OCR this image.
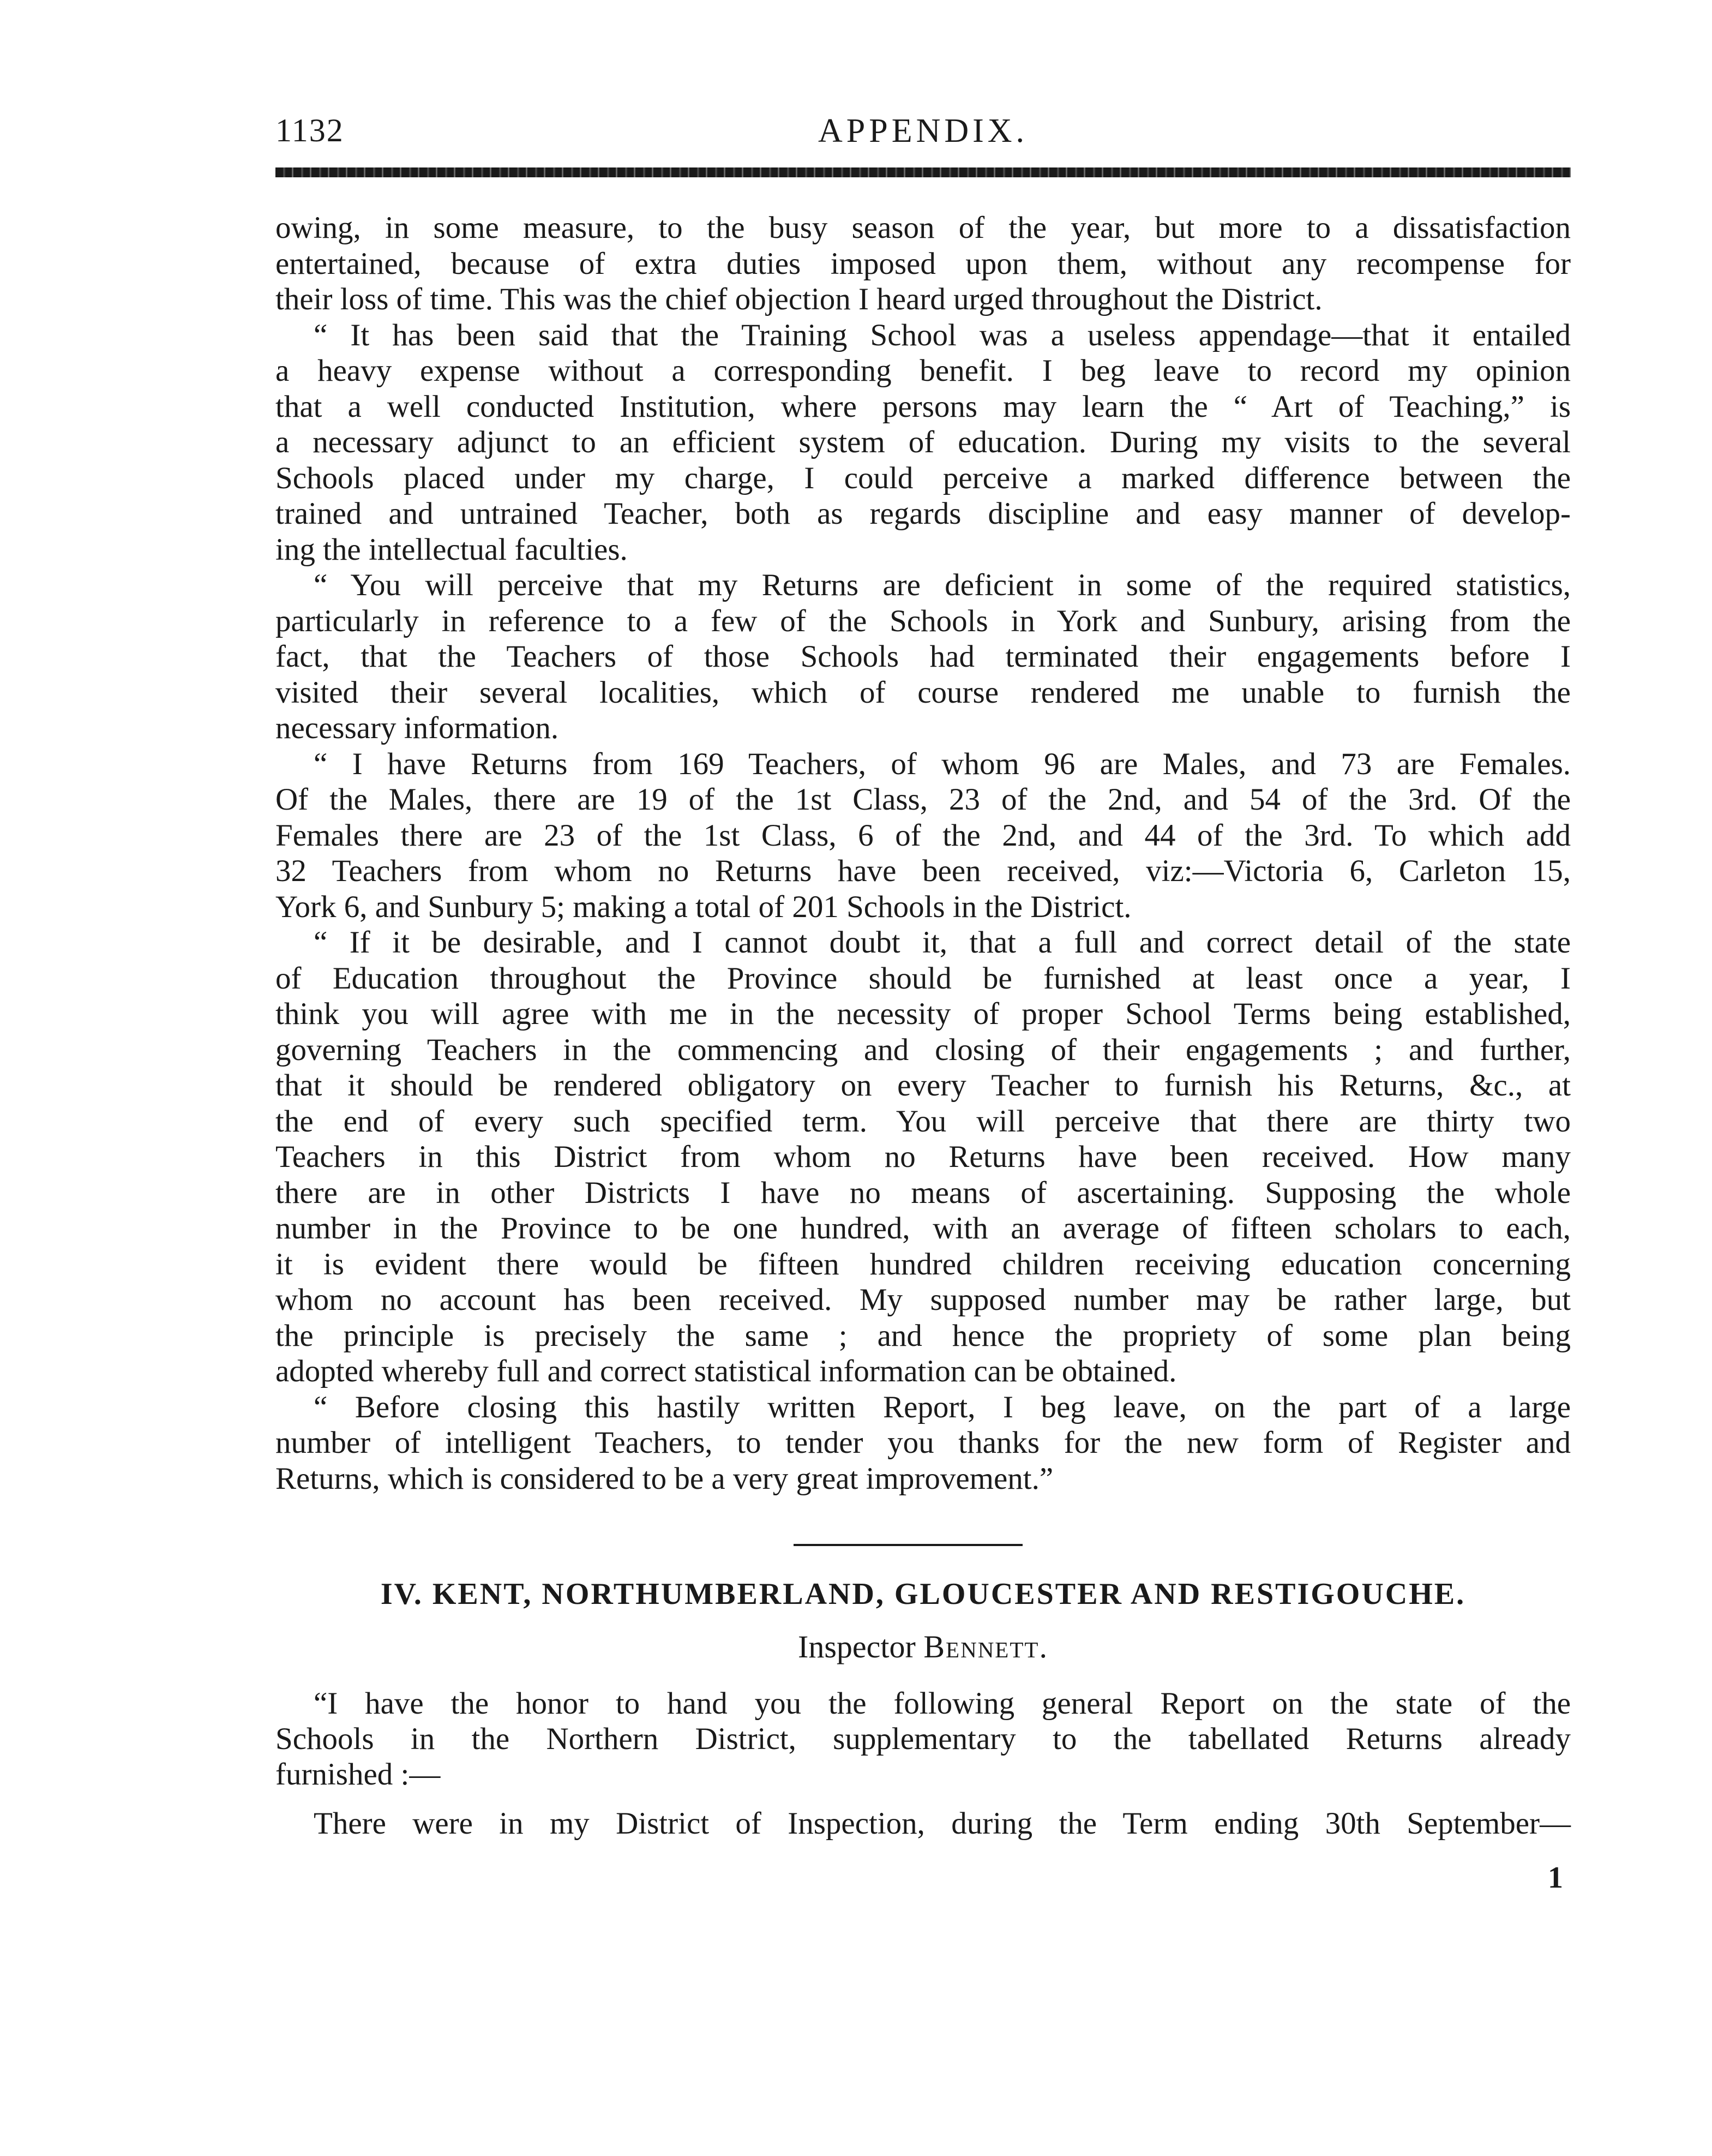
1132	APPENDIX.

owing, in some measure, to the busy season of the year, but more to a dissatisfaction
entertained, because of extra duties imposed upon them, without any recompense for
their loss of time. This was the chief objection I heard urged throughout the District.

“ It has been said that the Training School was a useless appendage—that it entailed
a heavy expense without a corresponding benefit. I beg leave to record my opinion
that a well conducted Institution, where persons may learn the “ Art of Teaching,” is
a necessary adjunct to an efficient system of education. During my visits to the several
Schools placed under my charge, I could perceive a marked difference between the
trained and untrained Teacher, both as regards discipline and easy manner of develop-
ing the intellectual faculties.

“ You will perceive that my Returns are deficient in some of the required statistics,
particularly in reference to a few of the Schools in York and Sunbury, arising from the
fact, that the Teachers of those Schools had terminated their engagements before I
visited their several localities, which of course rendered me unable to furnish the
necessary information.

“ I have Returns from 169 Teachers, of whom 96 are Males, and 73 are Females.
Of the Males, there are 19 of the 1st Class, 23 of the 2nd, and 54 of the 3rd. Of the
Females there are 23 of the 1st Class, 6 of the 2nd, and 44 of the 3rd. To which add
32 Teachers from whom no Returns have been received, viz:—Victoria 6, Carleton 15,
York 6, and Sunbury 5; making a total of 201 Schools in the District.

“ If it be desirable, and I cannot doubt it, that a full and correct detail of the state
of Education throughout the Province should be furnished at least once a year, I
think you will agree with me in the necessity of proper School Terms being established,
governing Teachers in the commencing and closing of their engagements ; and further,
that it should be rendered obligatory on every Teacher to furnish his Returns, &c., at
the end of every such specified term. You will perceive that there are thirty two
Teachers in this District from whom no Returns have been received. How many
there are in other Districts I have no means of ascertaining. Supposing the whole
number in the Province to be one hundred, with an average of fifteen scholars to each,
it is evident there would be fifteen hundred children receiving education concerning
whom no account has been received. My supposed number may be rather large, but
the principle is precisely the same ; and hence the propriety of some plan being
adopted whereby full and correct statistical information can be obtained.

“ Before closing this hastily written Report, I beg leave, on the part of a large
number of intelligent Teachers, to tender you thanks for the new form of Register and
Returns, which is considered to be a very great improvement.”

IV. KENT, NORTHUMBERLAND, GLOUCESTER AND RESTIGOUCHE.
Inspector Bennett.
“I have the honor to hand you the following general Report on the state of the
Schools in the Northern District, supplementary to the tabellated Returns already
furnished :—
There were in my District of Inspection, during the Term ending 30th September—
1
